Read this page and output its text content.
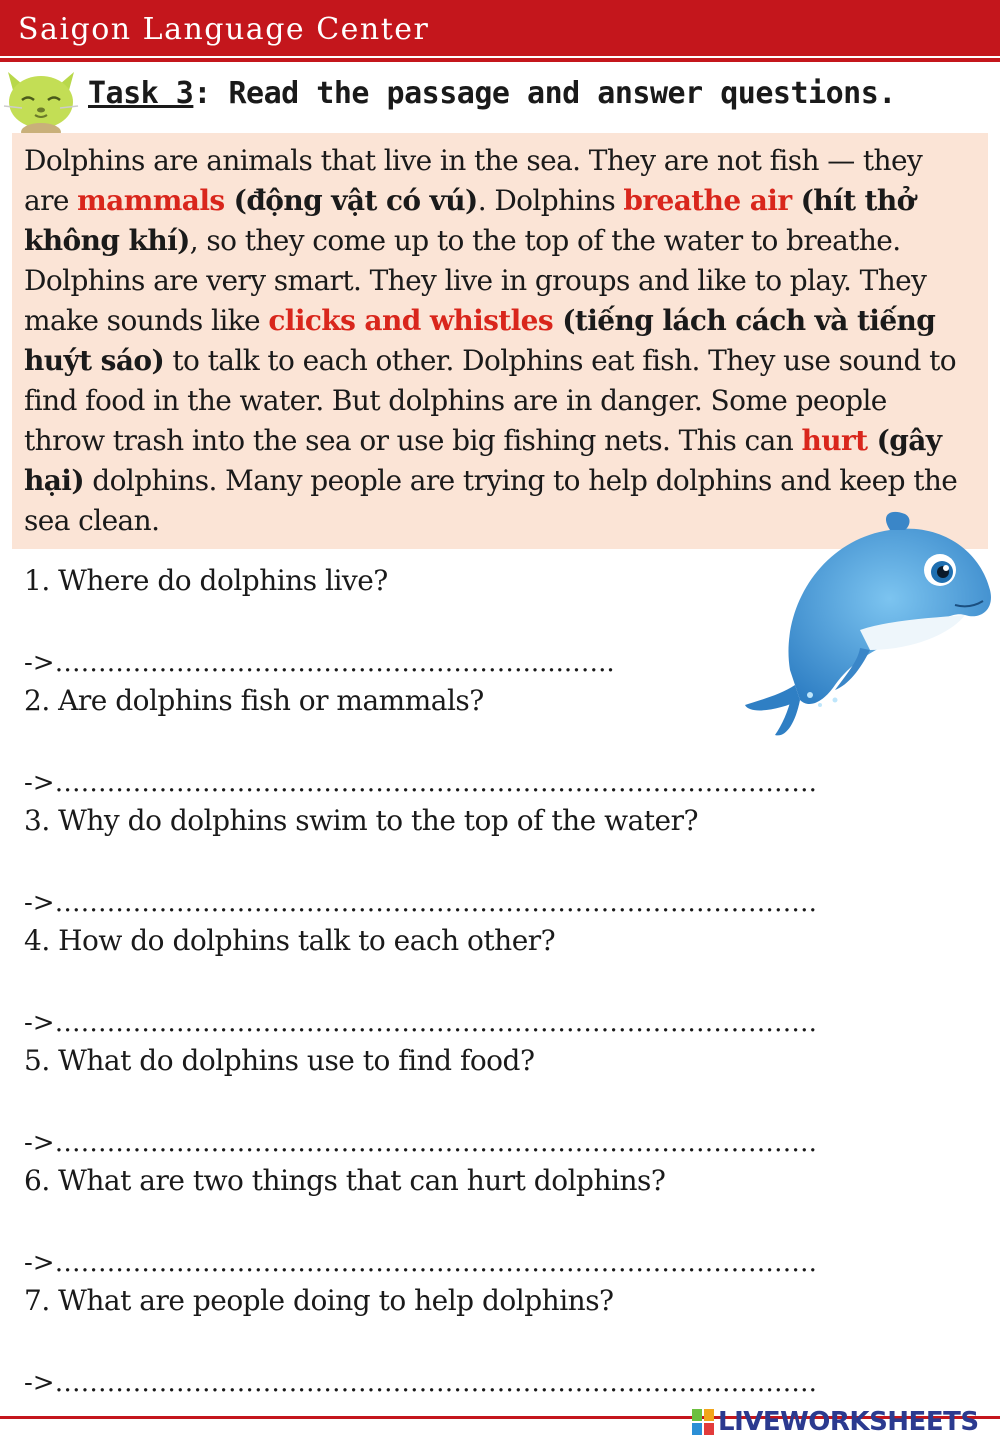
Saigon Language Center
Task 3: Read the passage and answer questions.

Dolphins are animals that live in the sea. They are not fish — they are mammals (động vật có vú). Dolphins breathe air (hít thở không khí), so they come up to the top of the water to breathe. Dolphins are very smart. They live in groups and like to play. They make sounds like clicks and whistles (tiếng lách cách và tiếng huýt sáo) to talk to each other. Dolphins eat fish. They use sound to find food in the water. But dolphins are in danger. Some people throw trash into the sea or use big fishing nets. This can hurt (gây hại) dolphins. Many people are trying to help dolphins and keep the sea clean.

1. Where do dolphins live?
->………………………………………………......…..
2. Are dolphins fish or mammals?
->…………………………………………………………………………….
3. Why do dolphins swim to the top of the water?
->…………………………………………………………………………….
4. How do dolphins talk to each other?
->…………………………………………………………………………….
5. What do dolphins use to find food?
->…………………………………………………………………………….
6. What are two things that can hurt dolphins?
->…………………………………………………………………………….
7. What are people doing to help dolphins?
->…………………………………………………………………………….
LIVEWORKSHEETS
